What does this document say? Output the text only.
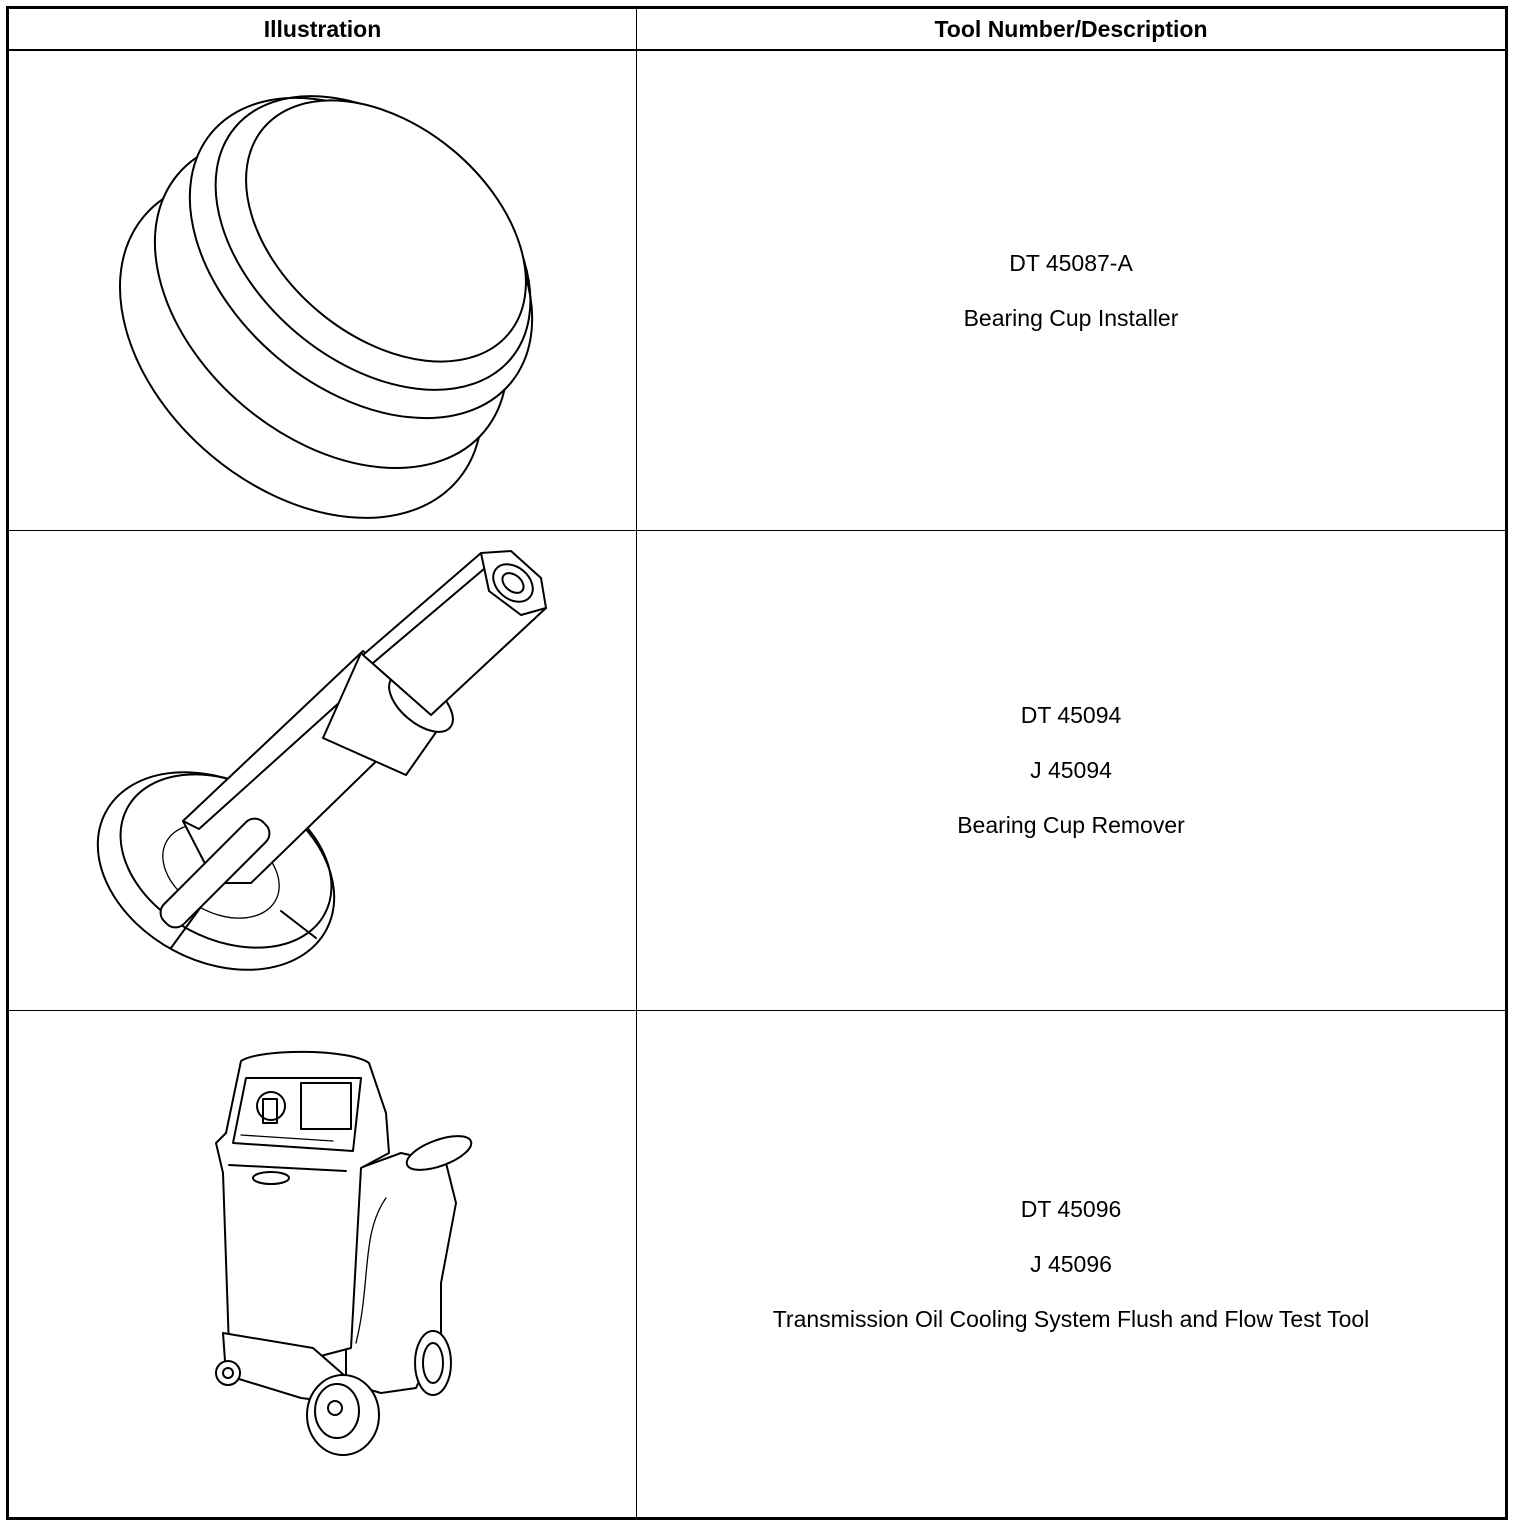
Illustration	Tool Number/Description
DT 45087-A
Bearing Cup Installer
DT 45094
J 45094
Bearing Cup Remover
DT 45096
J 45096
Transmission Oil Cooling System Flush and Flow Test Tool
